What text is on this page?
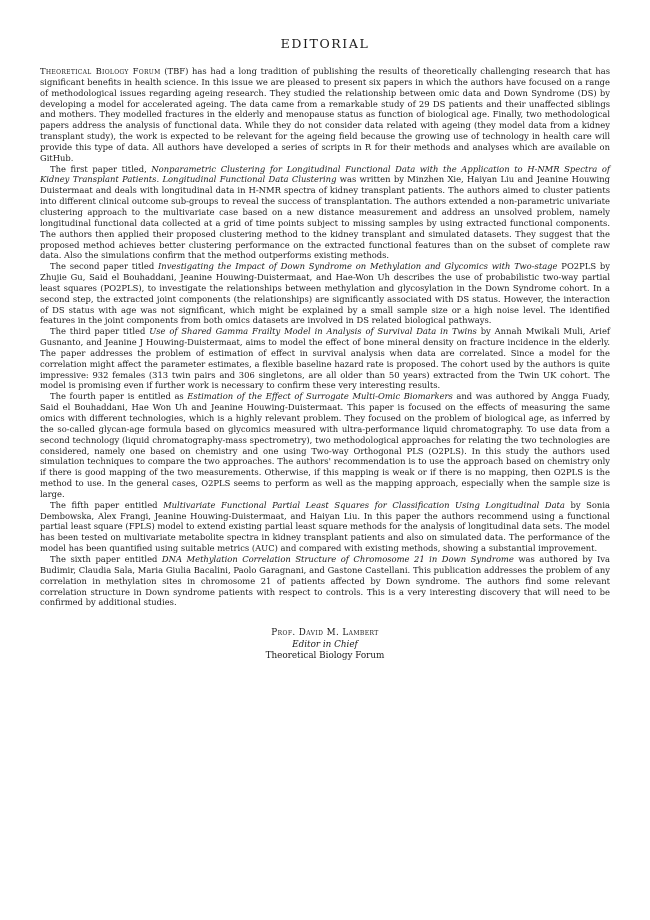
EDITORIAL

Theoretical Biology Forum (TBF) has had a long tradition of publishing the results of theoretically challenging research that has significant benefits in health science. In this issue we are pleased to present six papers in which the authors have focused on a range of methodological issues regarding ageing research. They studied the relationship between omic data and Down Syndrome (DS) by developing a model for accelerated ageing. The data came from a remarkable study of 29 DS patients and their unaffected siblings and mothers. They modelled fractures in the elderly and menopause status as function of biological age. Finally, two methodological papers address the analysis of functional data. While they do not consider data related with ageing (they model data from a kidney transplant study), the work is expected to be relevant for the ageing field because the growing use of technology in health care will provide this type of data. All authors have developed a series of scripts in R for their methods and analyses which are available on GitHub.

The first paper titled, Nonparametric Clustering for Longitudinal Functional Data with the Application to H-NMR Spectra of Kidney Transplant Patients. Longitudinal Functional Data Clustering was written by Minzhen Xie, Haiyan Liu and Jeanine Houwing Duistermaat and deals with longitudinal data in H-NMR spectra of kidney transplant patients. The authors aimed to cluster patients into different clinical outcome sub-groups to reveal the success of transplantation. The authors extended a non-parametric univariate clustering approach to the multivariate case based on a new distance measurement and address an unsolved problem, namely longitudinal functional data collected at a grid of time points subject to missing samples by using extracted functional components. The authors then applied their proposed clustering method to the kidney transplant and simulated datasets. They suggest that the proposed method achieves better clustering performance on the extracted functional features than on the subset of complete raw data. Also the simulations confirm that the method outperforms existing methods.

The second paper titled Investigating the Impact of Down Syndrome on Methylation and Glycomics with Two-stage PO2PLS by Zhujie Gu, Said el Bouhaddani, Jeanine Houwing-Duistermaat, and Hae-Won Uh describes the use of probabilistic two-way partial least squares (PO2PLS), to investigate the relationships between methylation and glycosylation in the Down Syndrome cohort. In a second step, the extracted joint components (the relationships) are significantly associated with DS status. However, the interaction of DS status with age was not significant, which might be explained by a small sample size or a high noise level. The identified features in the joint components from both omics datasets are involved in DS related biological pathways.

The third paper titled Use of Shared Gamma Frailty Model in Analysis of Survival Data in Twins by Annah Mwikali Muli, Arief Gusnanto, and Jeanine J Houwing-Duistermaat, aims to model the effect of bone mineral density on fracture incidence in the elderly. The paper addresses the problem of estimation of effect in survival analysis when data are correlated. Since a model for the correlation might affect the parameter estimates, a flexible baseline hazard rate is proposed. The cohort used by the authors is quite impressive: 932 females (313 twin pairs and 306 singletons, are all older than 50 years) extracted from the Twin UK cohort. The model is promising even if further work is necessary to confirm these very interesting results.

The fourth paper is entitled as Estimation of the Effect of Surrogate Multi-Omic Biomarkers and was authored by Angga Fuady, Said el Bouhaddani, Hae Won Uh and Jeanine Houwing-Duistermaat. This paper is focused on the effects of measuring the same omics with different technologies, which is a highly relevant problem. They focused on the problem of biological age, as inferred by the so-called glycan-age formula based on glycomics measured with ultra-performance liquid chromatography. To use data from a second technology (liquid chromatography-mass spectrometry), two methodological approaches for relating the two technologies are considered, namely one based on chemistry and one using Two-way Orthogonal PLS (O2PLS). In this study the authors used simulation techniques to compare the two approaches. The authors' recommendation is to use the approach based on chemistry only if there is good mapping of the two measurements. Otherwise, if this mapping is weak or if there is no mapping, then O2PLS is the method to use. In the general cases, O2PLS seems to perform as well as the mapping approach, especially when the sample size is large.

The fifth paper entitled Multivariate Functional Partial Least Squares for Classification Using Longitudinal Data by Sonia Dembowska, Alex Frangi, Jeanine Houwing-Duistermaat, and Haiyan Liu. In this paper the authors recommend using a functional partial least square (FPLS) model to extend existing partial least square methods for the analysis of longitudinal data sets. The model has been tested on multivariate metabolite spectra in kidney transplant patients and also on simulated data. The performance of the model has been quantified using suitable metrics (AUC) and compared with existing methods, showing a substantial improvement.

The sixth paper entitled DNA Methylation Correlation Structure of Chromosome 21 in Down Syndrome was authored by Iva Budimir, Claudia Sala, Maria Giulia Bacalini, Paolo Garagnani, and Gastone Castellani. This publication addresses the problem of any correlation in methylation sites in chromosome 21 of patients affected by Down syndrome. The authors find some relevant correlation structure in Down syndrome patients with respect to controls. This is a very interesting discovery that will need to be confirmed by additional studies.

Prof. David M. Lambert
Editor in Chief
Theoretical Biology Forum
